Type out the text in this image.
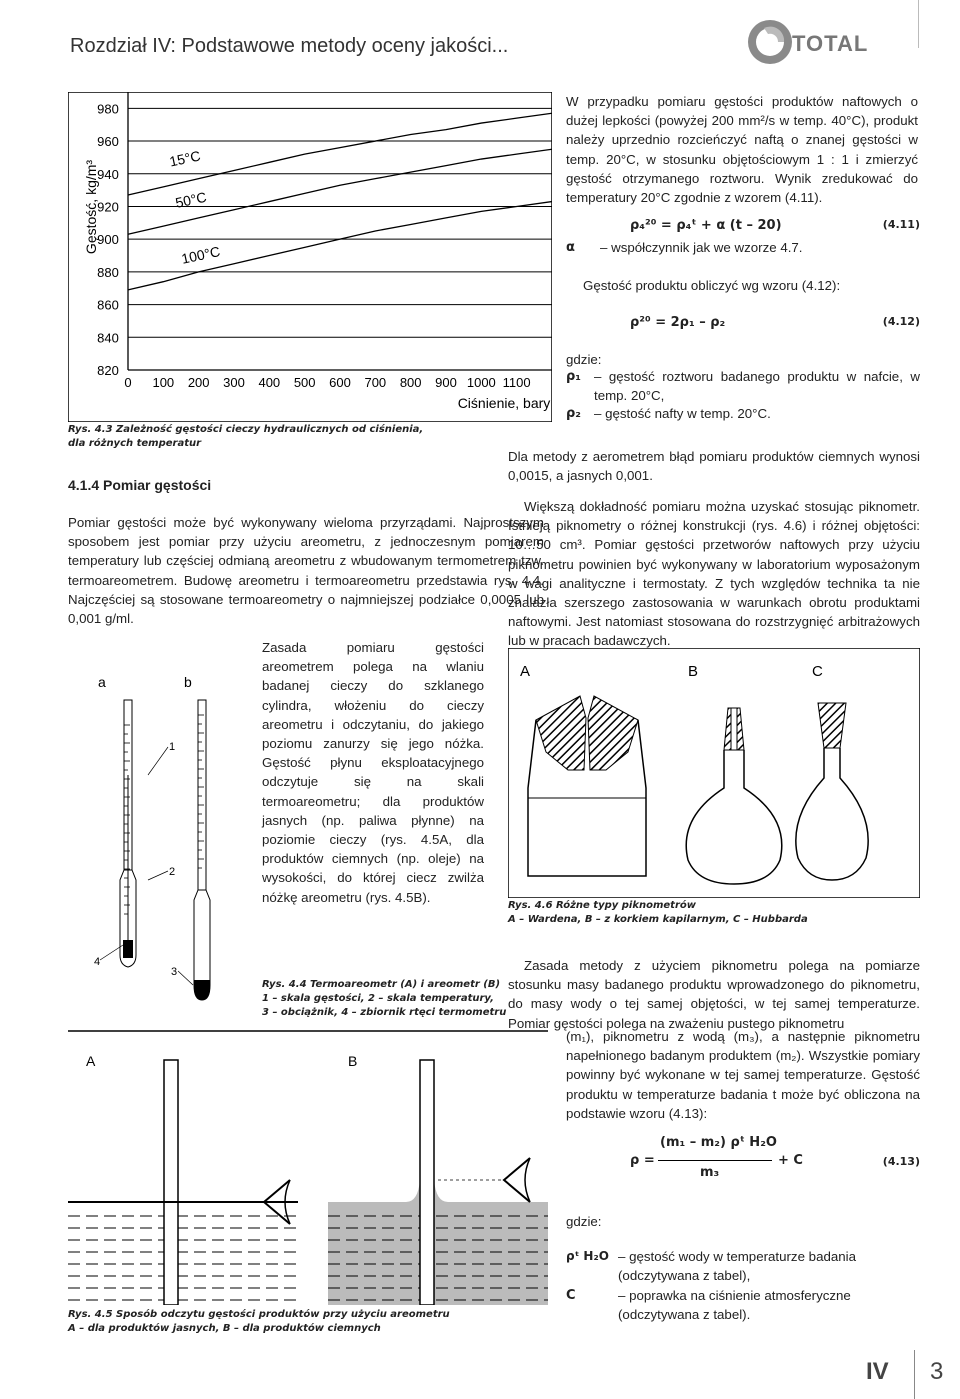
Rozdział IV: Podstawowe metody oceny jakości...	TOTAL
Gęstość, kg/m³
Ciśnienie, bary
980
960
940
920
900
880
860
840
820
0 100 200 300 400 500 600 700 800 900 1000 1100
15°C
50°C
100°C
Rys. 4.3 Zależność gęstości cieczy hydraulicznych od ciśnienia,
dla różnych temperatur
4.1.4 Pomiar gęstości
Pomiar gęstości może być wykonywany wieloma przyrządami. Najprostszym sposobem jest pomiar przy użyciu areometru, z jednoczesnym pomiarem temperatury lub częściej odmianą areometru z wbudowanym termometrem tzw. termoareometrem. Budowę areometru i termoareometru przedstawia rys. 4.4. Najczęściej są stosowane termoareometry o najmniejszej podziałce 0,0005 lub 0,001 g/ml.
Zasada pomiaru gęstości areometrem polega na wlaniu badanej cieczy do szklanego cylindra, włożeniu do cieczy areometru i odczytaniu, do jakiego poziomu zanurzy się jego nóżka. Gęstość płynu eksploatacyjnego odczytuje się na skali termoareometru; dla produktów jasnych (np. paliwa płynne) na poziomie cieczy (rys. 4.5A, dla produktów ciemnych (np. oleje) na wysokości, do której ciecz zwilża nóżkę areometru (rys. 4.5B).
a	b
1
2
3
4
Rys. 4.4 Termoareometr (A) i areometr (B)
1 – skala gęstości, 2 – skala temperatury,
3 – obciążnik, 4 – zbiornik rtęci termometru
A	B
Rys. 4.5 Sposób odczytu gęstości produktów przy użyciu areometru
A – dla produktów jasnych, B – dla produktów ciemnych
W przypadku pomiaru gęstości produktów naftowych o dużej lepkości (powyżej 200 mm²/s w temp. 40°C), produkt należy uprzednio rozcieńczyć naftą o znanej gęstości w temp. 20°C, w stosunku objętościowym 1 : 1 i zmierzyć gęstość otrzymanego roztworu. Wynik zredukować do temperatury 20°C zgodnie z wzorem (4.11).
ρ₄²⁰ = ρ₄ᵗ + α (t – 20)	(4.11)
α	– współczynnik jak we wzorze 4.7.
Gęstość produktu obliczyć wg wzoru (4.12):
ρ²⁰ = 2ρ₁ – ρ₂	(4.12)
gdzie:
ρ₁ – gęstość roztworu badanego produktu w nafcie, w temp. 20°C,
ρ₂ – gęstość nafty w temp. 20°C.
Dla metody z aerometrem błąd pomiaru produktów ciemnych wynosi 0,0015, a jasnych 0,001.
Większą dokładność pomiaru można uzyskać stosując piknometr. Istnieją piknometry o różnej konstrukcji (rys. 4.6) i różnej objętości: 10…50 cm³. Pomiar gęstości przetworów naftowych przy użyciu piknometru powinien być wykonywany w laboratorium wyposażonym w wagi analityczne i termostaty. Z tych względów technika ta nie znalazła szerszego zastosowania w warunkach obrotu produktami naftowymi. Jest natomiast stosowana do rozstrzygnięć arbitrażowych lub w pracach badawczych.
A	B	C
Rys. 4.6 Różne typy piknometrów
A – Wardena, B – z korkiem kapilarnym, C – Hubbarda
Zasada metody z użyciem piknometru polega na pomiarze stosunku masy badanego produktu wprowadzonego do piknometru, do masy wody o tej samej objętości, w tej samej temperaturze. Pomiar gęstości polega na zważeniu pustego piknometru
(m₁), piknometru z wodą (m₃), a następnie piknometru napełnionego badanym produktem (m₂). Wszystkie pomiary powinny być wykonane w tej samej temperaturze. Gęstość produktu w temperaturze badania t może być obliczona na podstawie wzoru (4.13):
ρ =
(m₁ – m₂) ρᵗ H₂O
m₃
+ C	(4.13)
gdzie:
ρᵗ H₂O – gęstość wody w temperaturze badania (odczytywana z tabel),
C	– poprawka na ciśnienie atmosferyczne (odczytywana z tabel).
IV 3
